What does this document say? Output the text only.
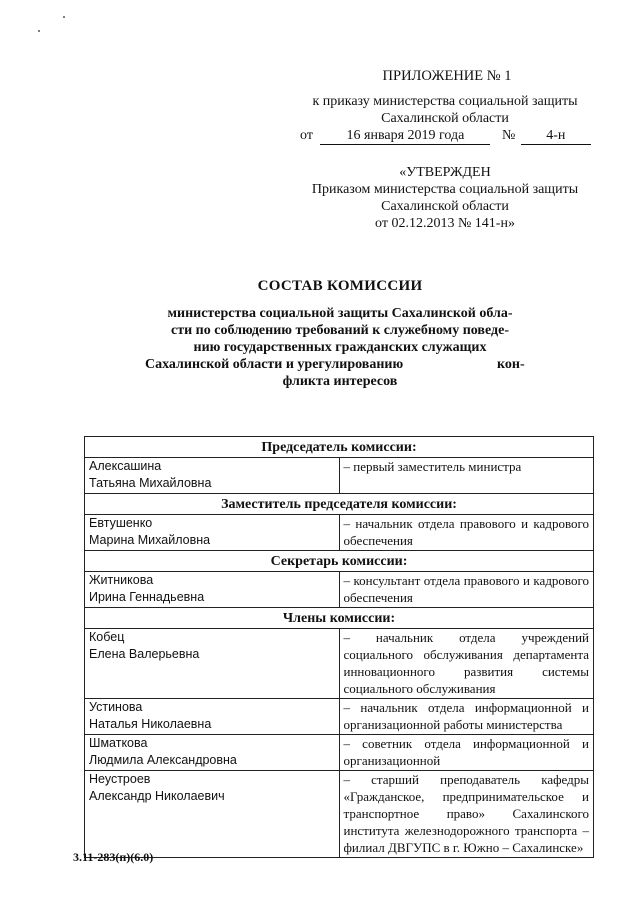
ПРИЛОЖЕНИЕ № 1
к приказу министерства социальной защиты
Сахалинской области
от 16 января 2019 года	№ 4-н
«УТВЕРЖДЕН
Приказом министерства социальной защиты
Сахалинской области
от 02.12.2013 № 141-н»
СОСТАВ КОМИССИИ
министерства социальной защиты Сахалинской обла-
сти по соблюдению требований к служебному поведе-
нию государственных гражданских служащих
Сахалинской области и урегулированию	кон-
фликта интересов
Председатель комиссии:	

Алексашина
Татьяна Михайловна	– первый заместитель министра
Заместитель председателя комиссии:	

Евтушенко
Марина Михайловна	– начальник отдела правового и кадрового обеспечения
Секретарь комиссии:	

Житникова
Ирина Геннадьевна	– консультант отдела правового и кадрового обеспечения
Члены комиссии:	

Кобец
Елена Валерьевна	– начальник отдела учреждений социального обслуживания департамента инновационного развития системы социального обслуживания

Устинова
Наталья Николаевна	– начальник отдела информационной и организационной работы министерства

Шматкова
Людмила Александровна	– советник отдела информационной и организационной

Неустроев
Александр Николаевич	– старший преподаватель кафедры «Гражданское, предпринимательское и транспортное право» Сахалинского института железнодорожного транспорта – филиал ДВГУПС в г. Южно – Сахалинске»
3.11-283(п)(6.0)
